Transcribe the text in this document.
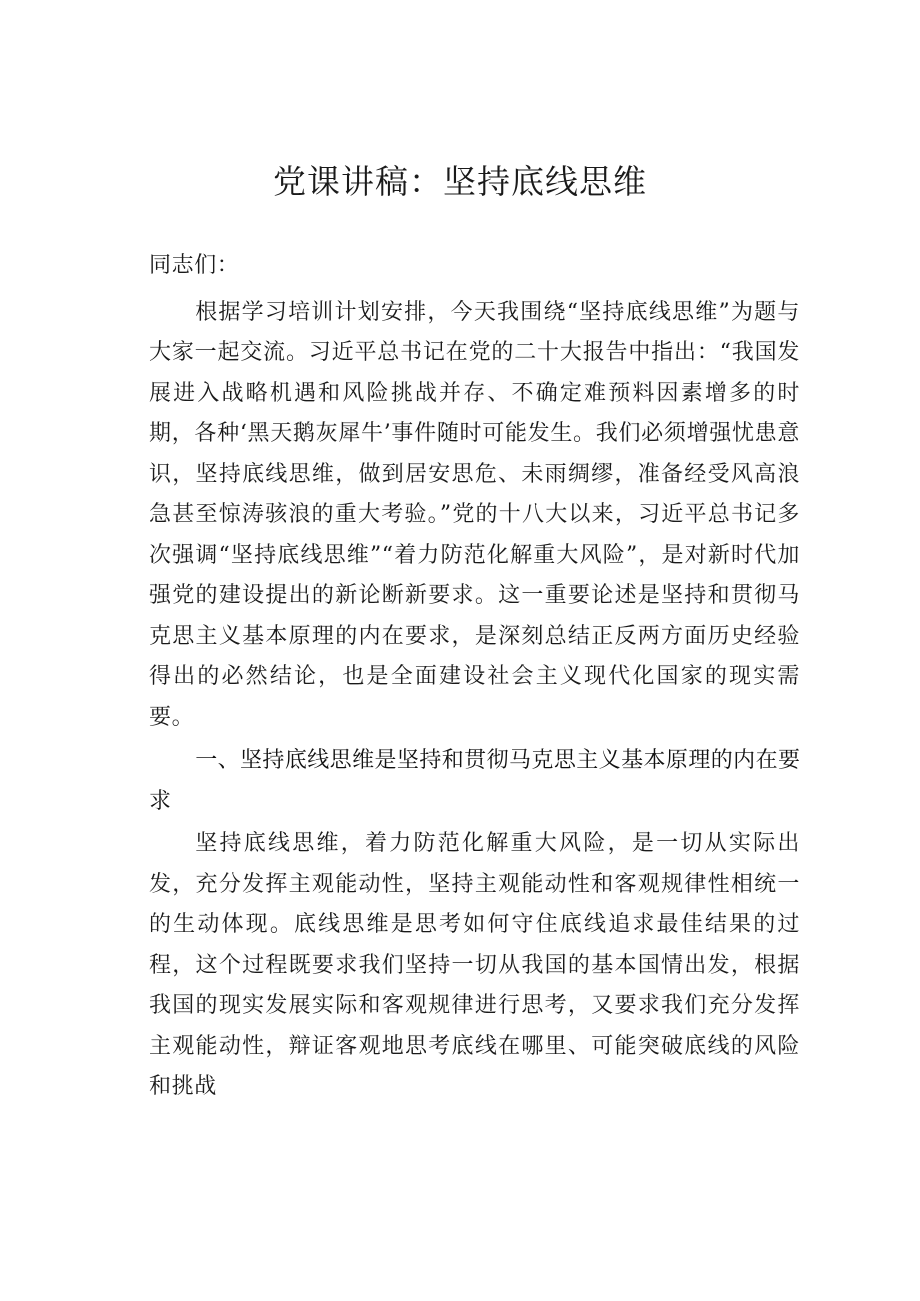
党课讲稿：坚持底线思维

同志们：

根据学习培训计划安排，今天我围绕“坚持底线思维”为题与大家一起交流。习近平总书记在党的二十大报告中指出：“我国发展进入战略机遇和风险挑战并存、不确定难预料因素增多的时期，各种‘黑天鹅灰犀牛’事件随时可能发生。我们必须增强忧患意识，坚持底线思维，做到居安思危、未雨绸缪，准备经受风高浪急甚至惊涛骇浪的重大考验。”党的十八大以来，习近平总书记多次强调“坚持底线思维”“着力防范化解重大风险”，是对新时代加强党的建设提出的新论断新要求。这一重要论述是坚持和贯彻马克思主义基本原理的内在要求，是深刻总结正反两方面历史经验得出的必然结论，也是全面建设社会主义现代化国家的现实需要。

一、坚持底线思维是坚持和贯彻马克思主义基本原理的内在要求

坚持底线思维，着力防范化解重大风险，是一切从实际出发，充分发挥主观能动性，坚持主观能动性和客观规律性相统一的生动体现。底线思维是思考如何守住底线追求最佳结果的过程，这个过程既要求我们坚持一切从我国的基本国情出发，根据我国的现实发展实际和客观规律进行思考，又要求我们充分发挥主观能动性，辩证客观地思考底线在哪里、可能突破底线的风险和挑战
